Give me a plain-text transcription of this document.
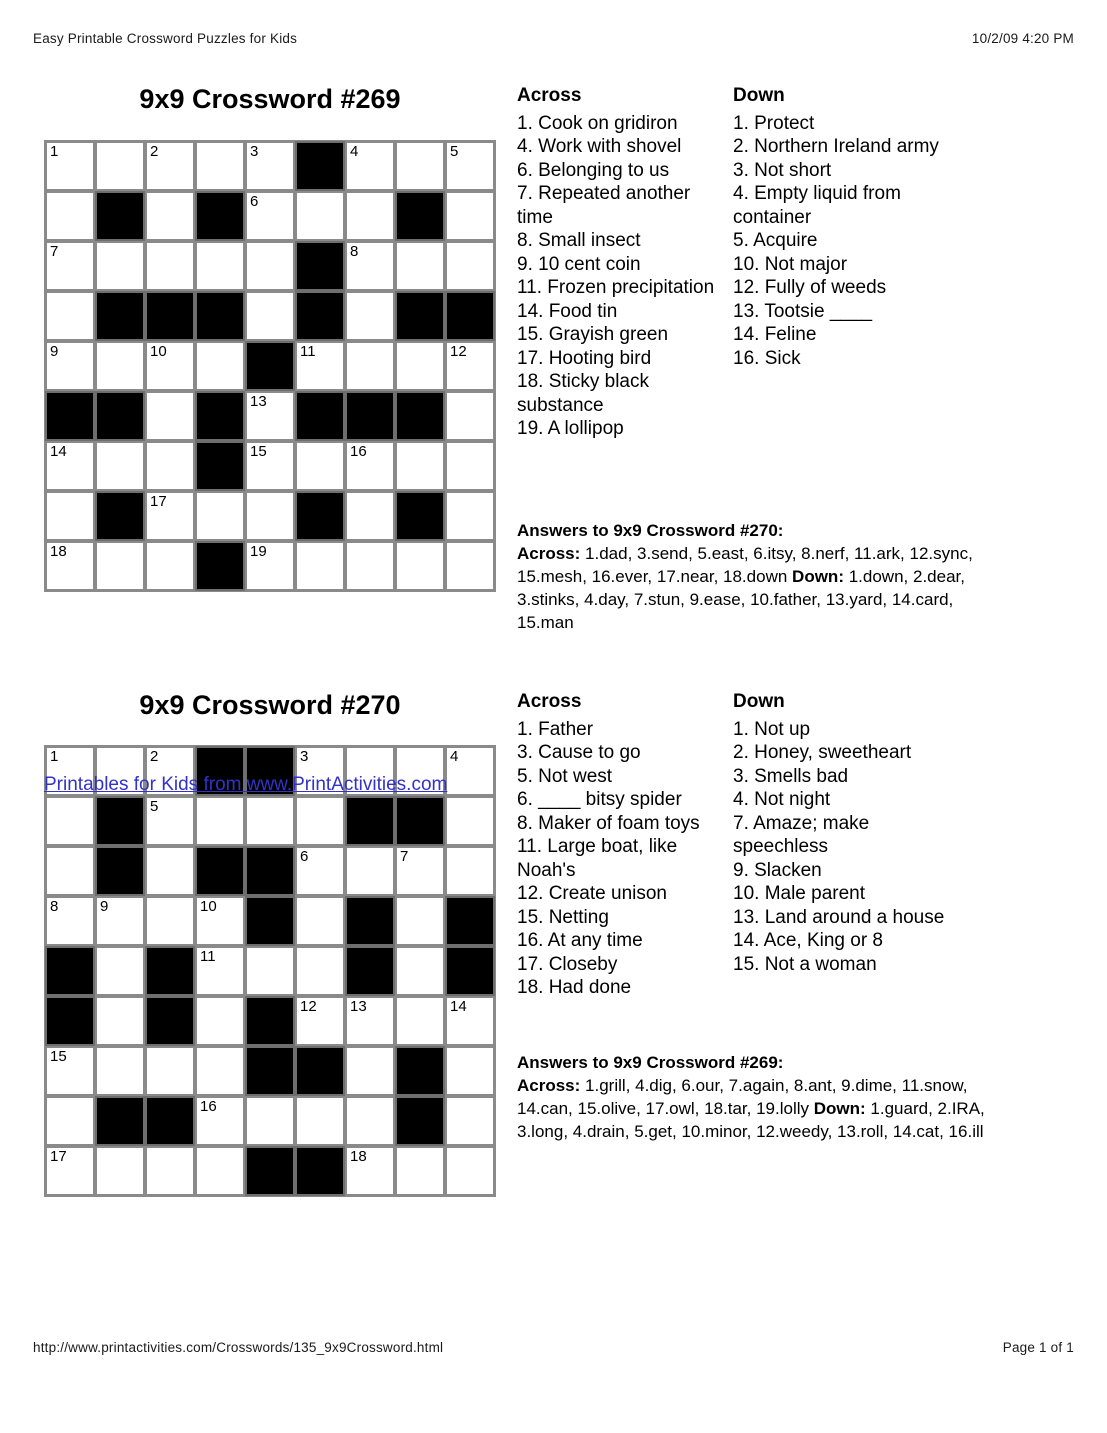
Easy Printable Crossword Puzzles for Kids	10/2/09 4:20 PM
9x9 Crossword #269
1	2	3	4	5
6
7	8
9	10	11	12
13
14	15	16
17
18	19
Across
1. Cook on gridiron
4. Work with shovel
6. Belonging to us
7. Repeated another time
8. Small insect
9. 10 cent coin
11. Frozen precipitation
14. Food tin
15. Grayish green
17. Hooting bird
18. Sticky black substance
19. A lollipop
Down
1. Protect
2. Northern Ireland army
3. Not short
4. Empty liquid from container
5. Acquire
10. Not major
12. Fully of weeds
13. Tootsie ____
14. Feline
16. Sick
Answers to 9x9 Crossword #270:
Across: 1.dad, 3.send, 5.east, 6.itsy, 8.nerf, 11.ark, 12.sync, 15.mesh, 16.ever, 17.near, 18.down Down: 1.down, 2.dear, 3.stinks, 4.day, 7.stun, 9.ease, 10.father, 13.yard, 14.card, 15.man
9x9 Crossword #270
1	2	3	4
5
6	7
8	9	10
11
12 13	14
15
16
17	18
Printables for Kids from www.PrintActivities.com
Across
1. Father
3. Cause to go
5. Not west
6. ____ bitsy spider
8. Maker of foam toys
11. Large boat, like Noah's
12. Create unison
15. Netting
16. At any time
17. Closeby
18. Had done
Down
1. Not up
2. Honey, sweetheart
3. Smells bad
4. Not night
7. Amaze; make speechless
9. Slacken
10. Male parent
13. Land around a house
14. Ace, King or 8
15. Not a woman
Answers to 9x9 Crossword #269:
Across: 1.grill, 4.dig, 6.our, 7.again, 8.ant, 9.dime, 11.snow, 14.can, 15.olive, 17.owl, 18.tar, 19.lolly Down: 1.guard, 2.IRA, 3.long, 4.drain, 5.get, 10.minor, 12.weedy, 13.roll, 14.cat, 16.ill
http://www.printactivities.com/Crosswords/135_9x9Crossword.html	Page 1 of 1
